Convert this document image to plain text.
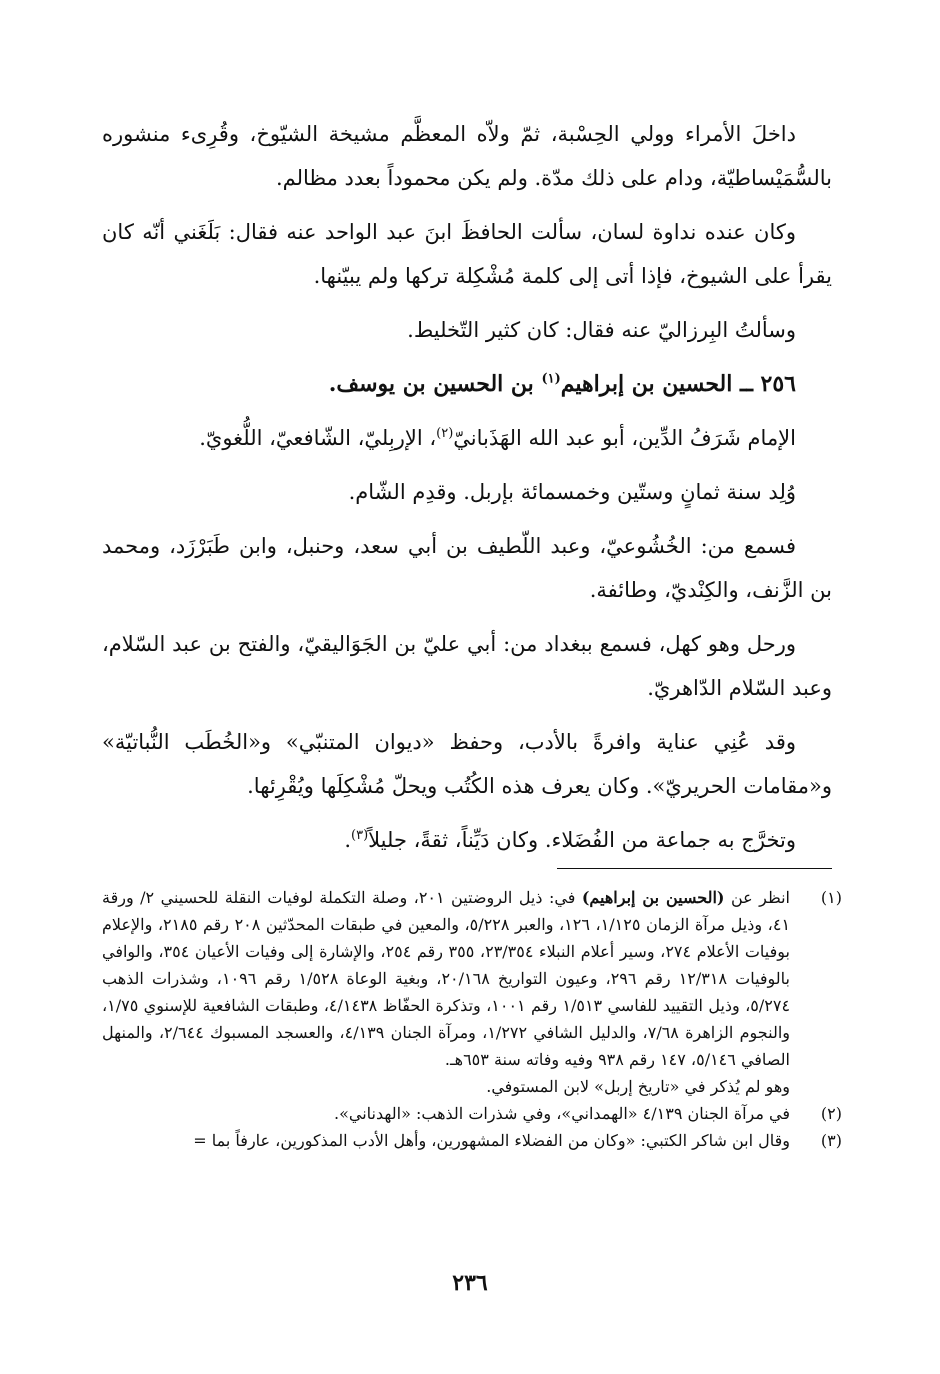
داخلَ الأمراء وولي الحِسْبة، ثمّ ولاّه المعظَّم مشيخة الشيّوخ، وقُرِىء منشوره بالسُّمَيْساطيّة، ودام على ذلك مدّة. ولم يكن محموداً بعدد مظالم.

وكان عنده نداوة لسان، سألت الحافظَ ابنَ عبد الواحد عنه فقال: بَلَغَني أنّه كان يقرأ على الشيوخ، فإذا أتى إلى كلمة مُشْكِلة تركها ولم يبيّنها.

وسألتُ البِرزاليّ عنه فقال: كان كثير التّخليط.

٢٥٦ ــ الحسين بن إبراهيم$^{(١)}$ بن الحسين بن يوسف.

الإمام شَرَفُ الدِّين، أبو عبد الله الهَذَبانيّ$^{(٢)}$، الإربِليّ، الشّافعيّ، اللُّغويّ.

وُلِد سنة ثمانٍ وستّين وخمسمائة بإربل. وقدِم الشّام.

فسمع من: الخُشُوعيّ، وعبد اللّطيف بن أبي سعد، وحنبل، وابن طَبَرْزَد، ومحمد بن الزَّنف، والكِنْديّ، وطائفة.

ورحل وهو كهل، فسمع ببغداد من: أبي عليّ بن الجَوَاليقيّ، والفتح بن عبد السّلام، وعبد السّلام الدّاهريّ.

وقد عُنِي عناية وافرةً بالأدب، وحفظ «ديوان المتنبّي» و«الخُطَب النُّباتيّة» و«مقامات الحريريّ». وكان يعرف هذه الكُتُب ويحلّ مُشْكِلَها ويُقْرِئها.

وتخرَّج به جماعة من الفُضَلاء. وكان دَيِّناً، ثقةً، جليلاً$^{(٣)}$.

(١)
انظر عن (الحسين بن إبراهيم) في: ذيل الروضتين ٢٠١، وصلة التكملة لوفيات النقلة للحسيني ٢/ ورقة ٤١، وذيل مرآة الزمان ١/١٢٥، ١٢٦، والعبر ٥/٢٢٨، والمعين في طبقات المحدّثين ٢٠٨ رقم ٢١٨٥، والإعلام بوفيات الأعلام ٢٧٤، وسير أعلام النبلاء ٢٣/٣٥٤، ٣٥٥ رقم ٢٥٤، والإشارة إلى وفيات الأعيان ٣٥٤، والوافي بالوفيات ١٢/٣١٨ رقم ٢٩٦، وعيون التواريخ ٢٠/١٦٨، وبغية الوعاة ١/٥٢٨ رقم ١٠٩٦، وشذرات الذهب ٥/٢٧٤، وذيل التقييد للفاسي ١/٥١٣ رقم ١٠٠١، وتذكرة الحفّاظ ٤/١٤٣٨، وطبقات الشافعية للإسنوي ١/٧٥، والنجوم الزاهرة ٧/٦٨، والدليل الشافي ١/٢٧٢، ومرآة الجنان ٤/١٣٩، والعسجد المسبوك ٢/٦٤٤، والمنهل الصافي ٥/١٤٦، ١٤٧ رقم ٩٣٨ وفيه وفاته سنة ٦٥٣هـ.
وهو لم يُذكر في «تاريخ إربل» لابن المستوفي.
(٢)
في مرآة الجنان ٤/١٣٩ «الهمداني»، وفي شذرات الذهب: «الهدناني».
(٣)
وقال ابن شاكر الكتبي: «وكان من الفضلاء المشهورين، وأهل الأدب المذكورين، عارفاً بما =
٢٣٦
